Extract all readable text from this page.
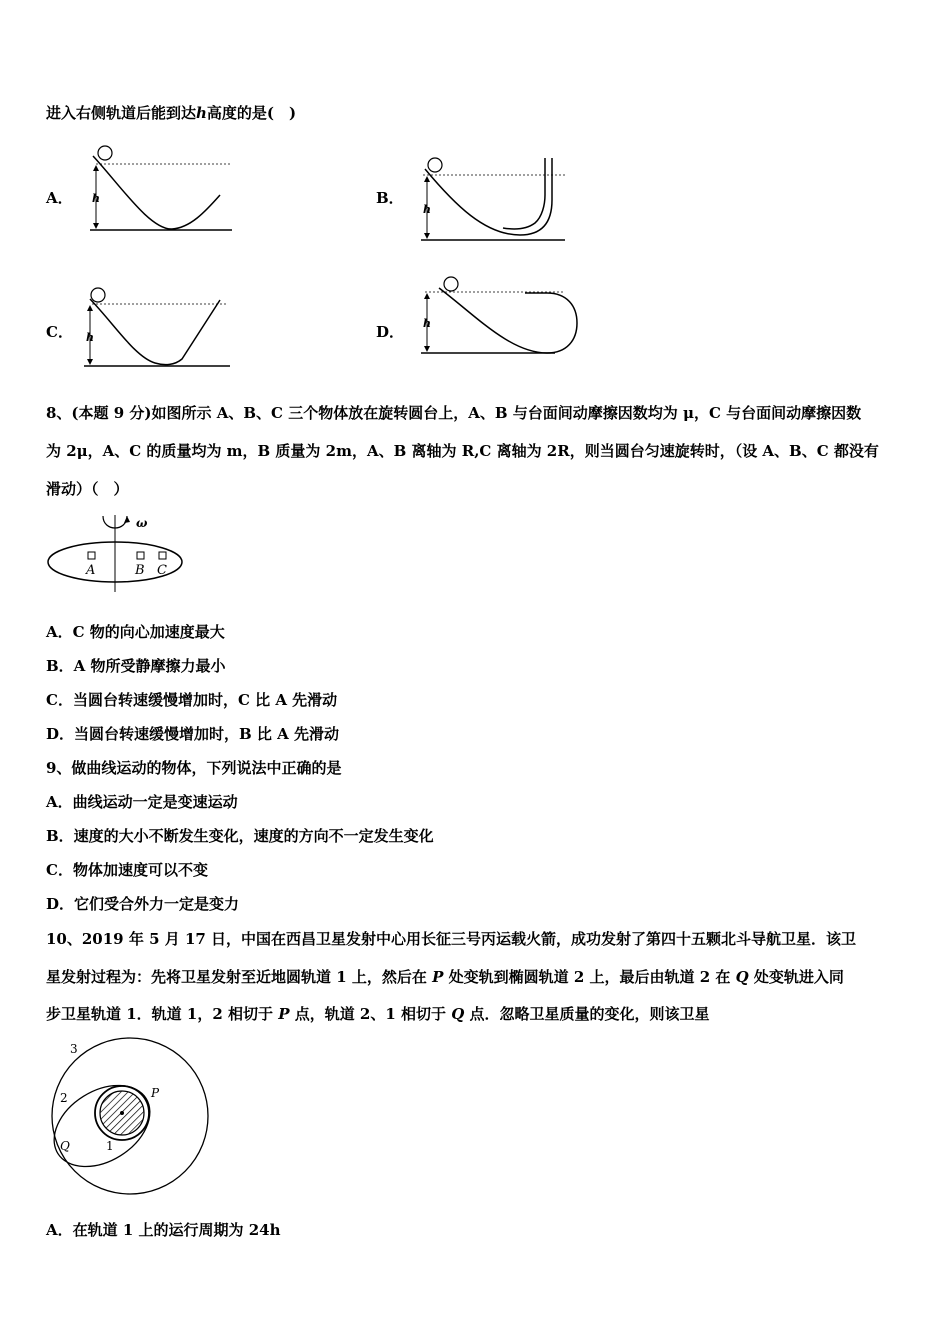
进入右侧轨道后能到达h高度的是(　)
A．	B．
C．	D．
h
h
h
h
8、(本题 9 分)如图所示 A、B、C 三个物体放在旋转圆台上，A、B 与台面间动摩擦因数均为 μ，C 与台面间动摩擦因数
为 2μ，A、C 的质量均为 m，B 质量为 2m，A、B 离轴为 R,C 离轴为 2R，则当圆台匀速旋转时，（设 A、B、C 都没有
滑动）（　）
ω
A	B C
A．C 物的向心加速度最大
B．A 物所受静摩擦力最小
C．当圆台转速缓慢增加时，C 比 A 先滑动
D．当圆台转速缓慢增加时，B 比 A 先滑动
9、做曲线运动的物体，下列说法中正确的是
A．曲线运动一定是变速运动
B．速度的大小不断发生变化，速度的方向不一定发生变化
C．物体加速度可以不变
D．它们受合外力一定是变力
10、2019 年 5 月 17 日，中国在西昌卫星发射中心用长征三号丙运载火箭，成功发射了第四十五颗北斗导航卫星．该卫
星发射过程为：先将卫星发射至近地圆轨道 1 上，然后在 P 处变轨到椭圆轨道 2 上，最后由轨道 2 在 Q 处变轨进入同
步卫星轨道 1．轨道 1，2 相切于 P 点，轨道 2、1 相切于 Q 点．忽略卫星质量的变化，则该卫星
3
2
1
P
Q
A．在轨道 1 上的运行周期为 24h
